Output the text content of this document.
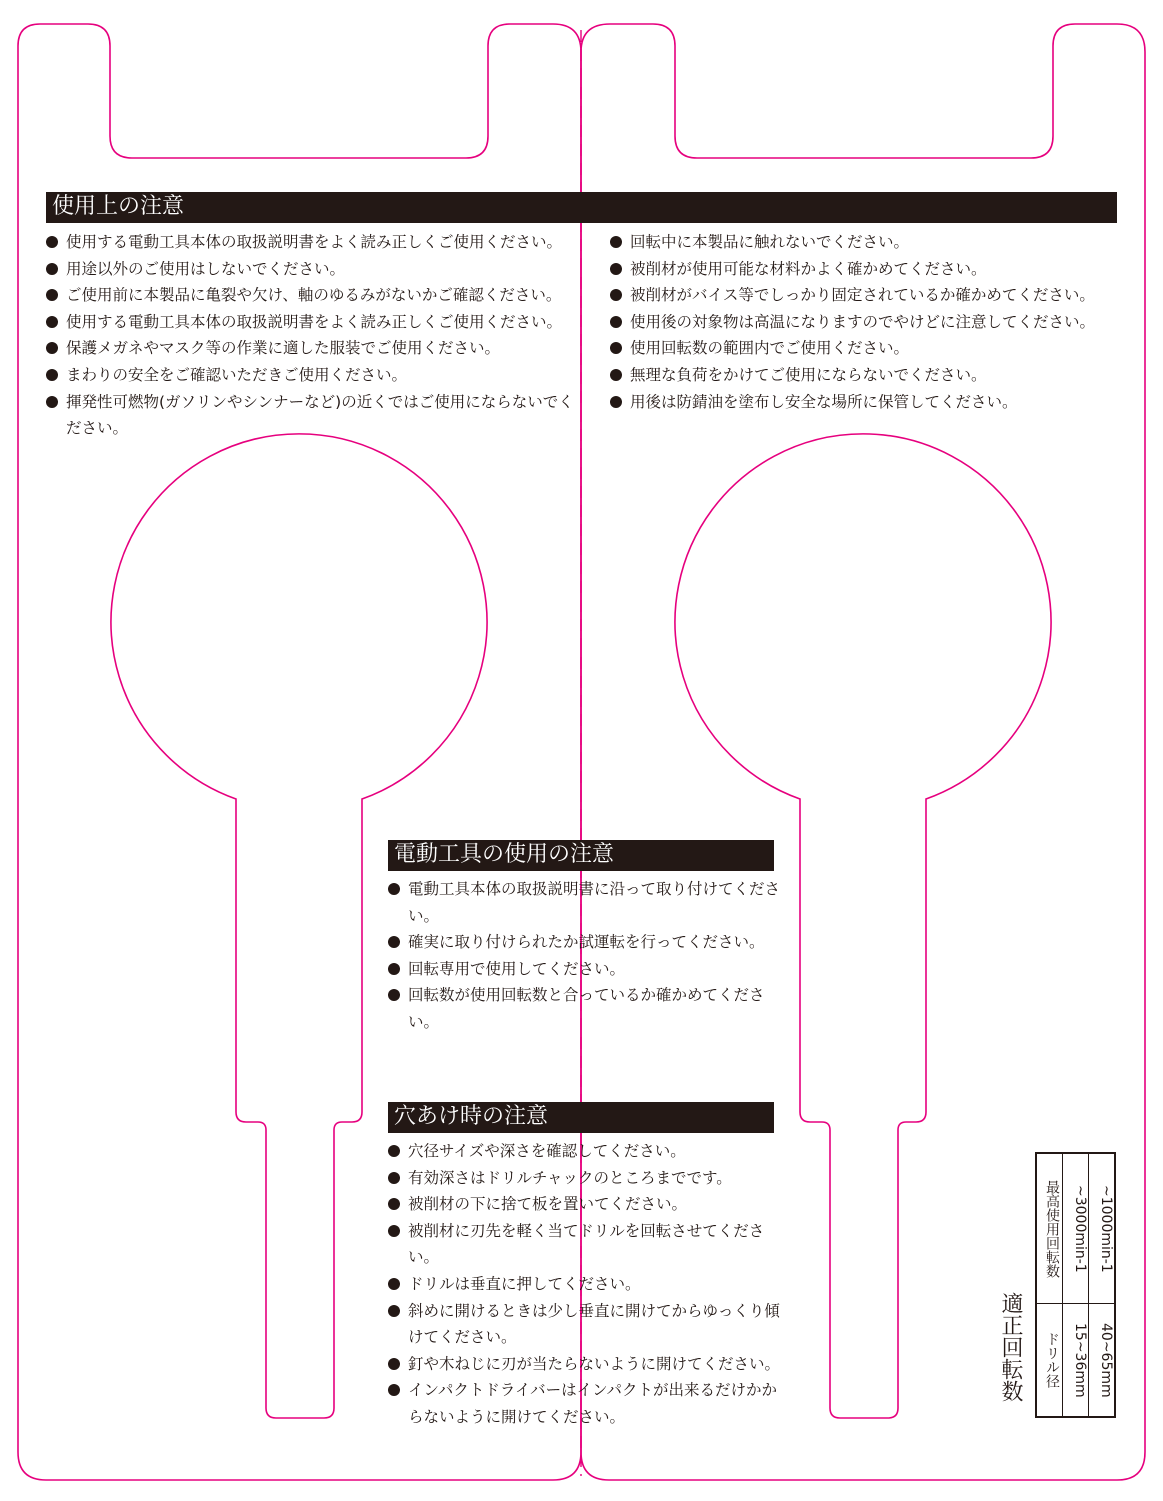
使用上の注意
使用する電動工具本体の取扱説明書をよく読み正しくご使用ください。
用途以外のご使用はしないでください。
ご使用前に本製品に亀裂や欠け、軸のゆるみがないかご確認ください。
使用する電動工具本体の取扱説明書をよく読み正しくご使用ください。
保護メガネやマスク等の作業に適した服装でご使用ください。
まわりの安全をご確認いただきご使用ください。
揮発性可燃物(ガソリンやシンナーなど)の近くではご使用にならないでください。
回転中に本製品に触れないでください。
被削材が使用可能な材料かよく確かめてください。
被削材がバイス等でしっかり固定されているか確かめてください。
使用後の対象物は高温になりますのでやけどに注意してください。
使用回転数の範囲内でご使用ください。
無理な負荷をかけてご使用にならないでください。
用後は防錆油を塗布し安全な場所に保管してください。
電動工具の使用の注意
電動工具本体の取扱説明書に沿って取り付けてください。
確実に取り付けられたか試運転を行ってください。
回転専用で使用してください。
回転数が使用回転数と合っているか確かめてください。
穴あけ時の注意
穴径サイズや深さを確認してください。
有効深さはドリルチャックのところまでです。
被削材の下に捨て板を置いてください。
被削材に刃先を軽く当てドリルを回転させてください。
ドリルは垂直に押してください。
斜めに開けるときは少し垂直に開けてからゆっくり傾けてください。
釘や木ねじに刃が当たらないように開けてください。
インパクトドライバーはインパクトが出来るだけかからないように開けてください。
適正回転数
最高使用回転数
ドリル径
~3000min-1
15~36mm
~1000min-1
40~65mm
